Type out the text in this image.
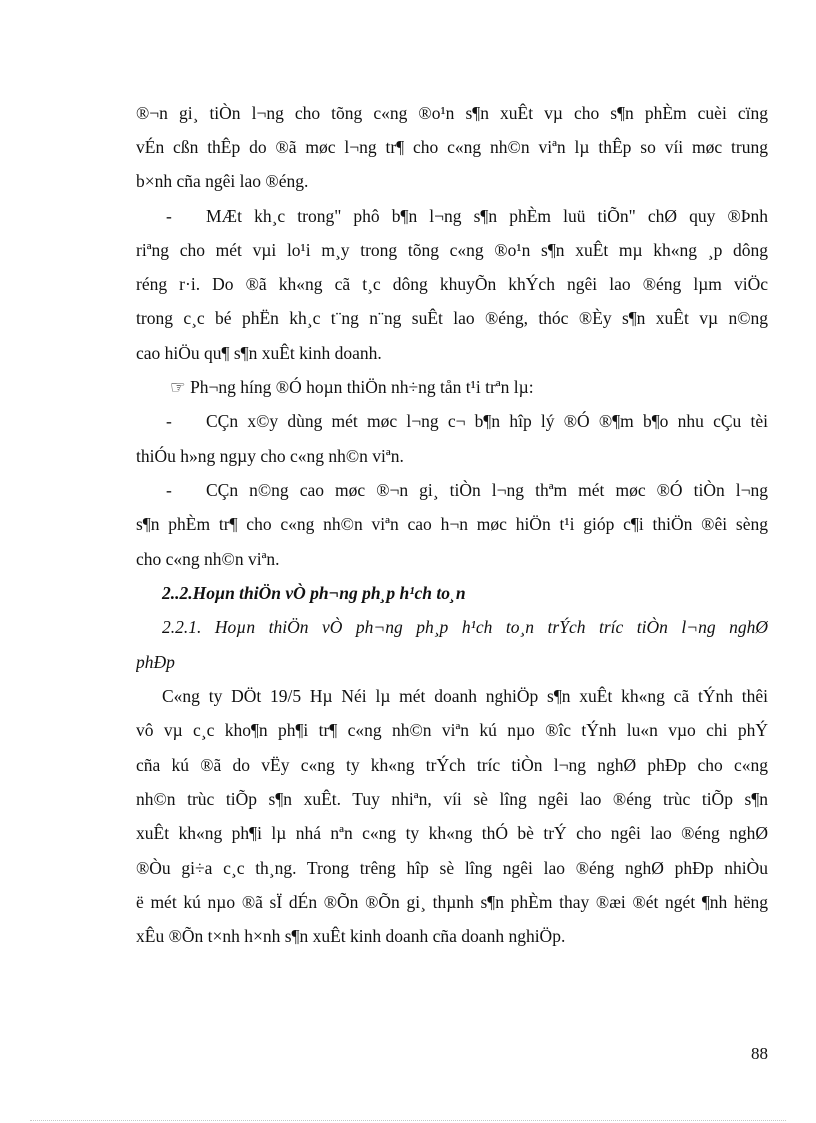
®¬n gi¸ tiÒn l¬ng cho tõng c«ng ®o¹n s¶n xuÊt vµ cho s¶n phÈm cuèi cïng
vÉn cßn thÊp do ®ã møc l¬ng tr¶ cho c«ng nh©n viªn lµ thÊp so víi møc trung
b×nh cña ngêi lao ®éng.
- MÆt kh¸c trong" phô b¶n l¬ng s¶n phÈm luü tiÕn" chØ quy ®Þnh
riªng cho mét vµi lo¹i m¸y trong tõng c«ng ®o¹n s¶n xuÊt mµ kh«ng ¸p dông
réng r·i. Do ®ã kh«ng cã t¸c dông khuyÕn khÝch ngêi lao ®éng lµm viÖc
trong c¸c bé phËn kh¸c t¨ng n¨ng suÊt lao ®éng, thóc ®Èy s¶n xuÊt vµ n©ng
cao hiÖu qu¶ s¶n xuÊt kinh doanh.
☞ Ph¬ng híng ®Ó hoµn thiÖn nh÷ng tån t¹i trªn lµ:
- CÇn x©y dùng mét møc l¬ng c¬ b¶n hîp lý ®Ó ®¶m b¶o nhu cÇu tèi
thiÓu h»ng ngµy cho c«ng nh©n viªn.
- CÇn n©ng cao møc ®¬n gi¸ tiÒn l¬ng thªm mét møc ®Ó tiÒn l¬ng
s¶n phÈm tr¶ cho c«ng nh©n viªn cao h¬n møc hiÖn t¹i gióp c¶i thiÖn ®êi sèng
cho c«ng nh©n viªn.
2..2.Hoµn thiÖn vÒ ph¬ng ph¸p h¹ch to¸n
2.2.1. Hoµn thiÖn vÒ ph¬ng ph¸p h¹ch to¸n trÝch tríc tiÒn l¬ng nghØ
phÐp
C«ng ty DÖt 19/5 Hµ Néi lµ mét doanh nghiÖp s¶n xuÊt kh«ng cã tÝnh thêi
vô vµ c¸c kho¶n ph¶i tr¶ c«ng nh©n viªn kú nµo ®îc tÝnh lu«n vµo chi phÝ
cña kú ®ã do vËy c«ng ty kh«ng trÝch tríc tiÒn l¬ng nghØ phÐp cho c«ng
nh©n trùc tiÕp s¶n xuÊt. Tuy nhiªn, víi sè lîng ngêi lao ®éng trùc tiÕp s¶n
xuÊt kh«ng ph¶i lµ nhá nªn c«ng ty kh«ng thÓ bè trÝ cho ngêi lao ®éng nghØ
®Òu gi÷a c¸c th¸ng. Trong trêng hîp sè lîng ngêi lao ®éng nghØ phÐp nhiÒu
ë mét kú nµo ®ã sÏ dÉn ®Õn ®Õn gi¸ thµnh s¶n phÈm thay ®æi ®ét ngét ¶nh hëng
xÊu ®Õn t×nh h×nh s¶n xuÊt kinh doanh cña doanh nghiÖp.
88
